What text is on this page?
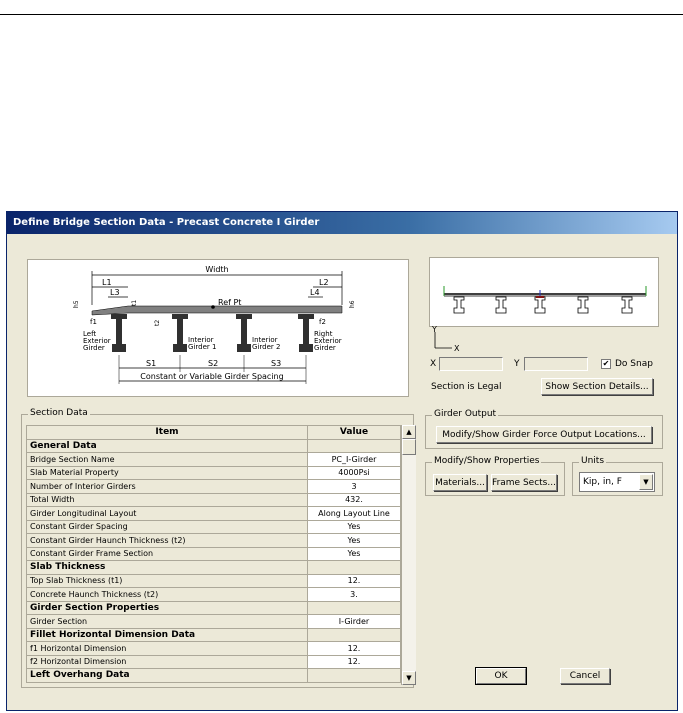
Define Bridge Section Data - Precast Concrete I Girder
Width
L1
L3
L2
L4
h5	h6
t1	Ref Pt
f1	f2
t2
Left Exterior Girder
Interior Girder 1
Interior Girder 2
Right Exterior Girder
S1	S2	S3
Constant or Variable Girder Spacing
Y
X
X	Y	✔ Do Snap
Section is Legal	Show Section Details...
Section Data
Item	Value
General Data	
Bridge Section Name	PC_I-Girder
Slab Material Property	4000Psi
Number of Interior Girders	3
Total Width	432.
Girder Longitudinal Layout	Along Layout Line
Constant Girder Spacing	Yes
Constant Girder Haunch Thickness (t2)	Yes
Constant Girder Frame Section	Yes
Slab Thickness	
Top Slab Thickness (t1)	12.
Concrete Haunch Thickness (t2)	3.
Girder Section Properties	
Girder Section	I-Girder
Fillet Horizontal Dimension Data	
f1 Horizontal Dimension	12.
f2 Horizontal Dimension	12.
Left Overhang Data	
▲
▼
Girder Output
Modify/Show Girder Force Output Locations...
Modify/Show Properties
Materials... Frame Sects...
Units
Kip, in, F	▼
OK	Cancel
